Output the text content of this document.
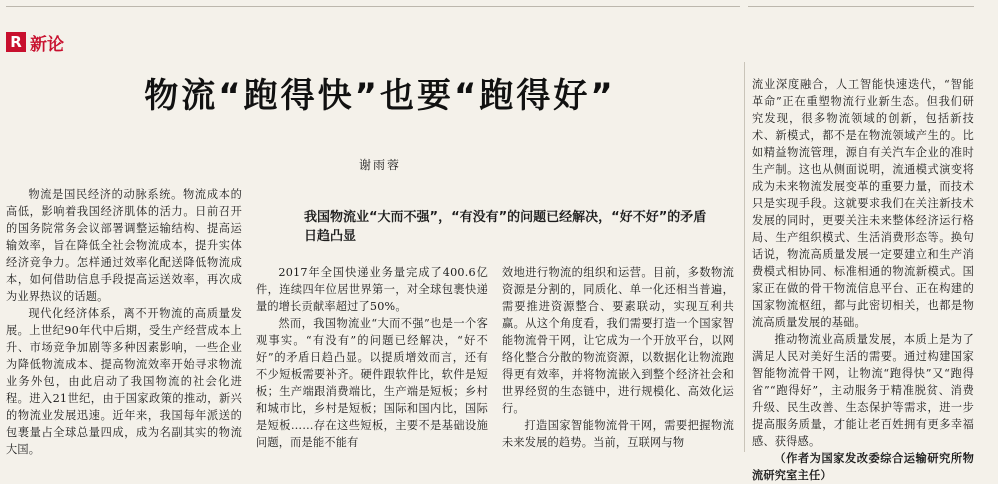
R 新论
物流“跑得快”也要“跑得好”
谢雨蓉
我国物流业“大而不强”，“有没有”的问题已经解决，“好不好”的矛盾日趋凸显

物流是国民经济的动脉系统。物流成本的高低，影响着我国经济肌体的活力。日前召开的国务院常务会议部署调整运输结构、提高运输效率，旨在降低全社会物流成本，提升实体经济竞争力。怎样通过效率化配送降低物流成本，如何借助信息手段提高运送效率，再次成为业界热议的话题。

现代化经济体系，离不开物流的高质量发展。上世纪90年代中后期，受生产经营成本上升、市场竞争加剧等多种因素影响，一些企业为降低物流成本、提高物流效率开始寻求物流业务外包，由此启动了我国物流的社会化进程。进入21世纪，由于国家政策的推动，新兴的物流业发展迅速。近年来，我国每年派送的包裹量占全球总量四成，成为名副其实的物流大国。

2017年全国快递业务量完成了400.6亿件，连续四年位居世界第一，对全球包裹快递量的增长贡献率超过了50%。

然而，我国物流业“大而不强”也是一个客观事实。“有没有”的问题已经解决，“好不好”的矛盾日趋凸显。以提质增效而言，还有不少短板需要补齐。硬件跟软件比，软件是短板；生产端跟消费端比，生产端是短板；乡村和城市比，乡村是短板；国际和国内比，国际是短板……存在这些短板，主要不是基础设施问题，而是能不能有

效地进行物流的组织和运营。目前，多数物流资源是分割的，同质化、单一化还相当普遍，需要推进资源整合、要素联动，实现互利共赢。从这个角度看，我们需要打造一个国家智能物流骨干网，让它成为一个开放平台，以网络化整合分散的物流资源，以数据化让物流跑得更有效率，并将物流嵌入到整个经济社会和世界经贸的生态链中，进行规模化、高效化运行。

打造国家智能物流骨干网，需要把握物流未来发展的趋势。当前，互联网与物

流业深度融合，人工智能快速迭代，“智能革命”正在重塑物流行业新生态。但我们研究发现，很多物流领域的创新，包括新技术、新模式，都不是在物流领域产生的。比如精益物流管理，源自有关汽车企业的准时生产制。这也从侧面说明，流通模式演变将成为未来物流发展变革的重要力量，而技术只是实现手段。这就要求我们在关注新技术发展的同时，更要关注未来整体经济运行格局、生产组织模式、生活消费形态等。换句话说，物流高质量发展一定要建立和生产消费模式相协同、标准相通的物流新模式。国家正在做的骨干物流信息平台、正在构建的国家物流枢纽，都与此密切相关，也都是物流高质量发展的基础。

推动物流业高质量发展，本质上是为了满足人民对美好生活的需要。通过构建国家智能物流骨干网，让物流“跑得快”又“跑得省”“跑得好”，主动服务于精准脱贫、消费升级、民生改善、生态保护等需求，进一步提高服务质量，才能让老百姓拥有更多幸福感、获得感。

（作者为国家发改委综合运输研究所物流研究室主任）
